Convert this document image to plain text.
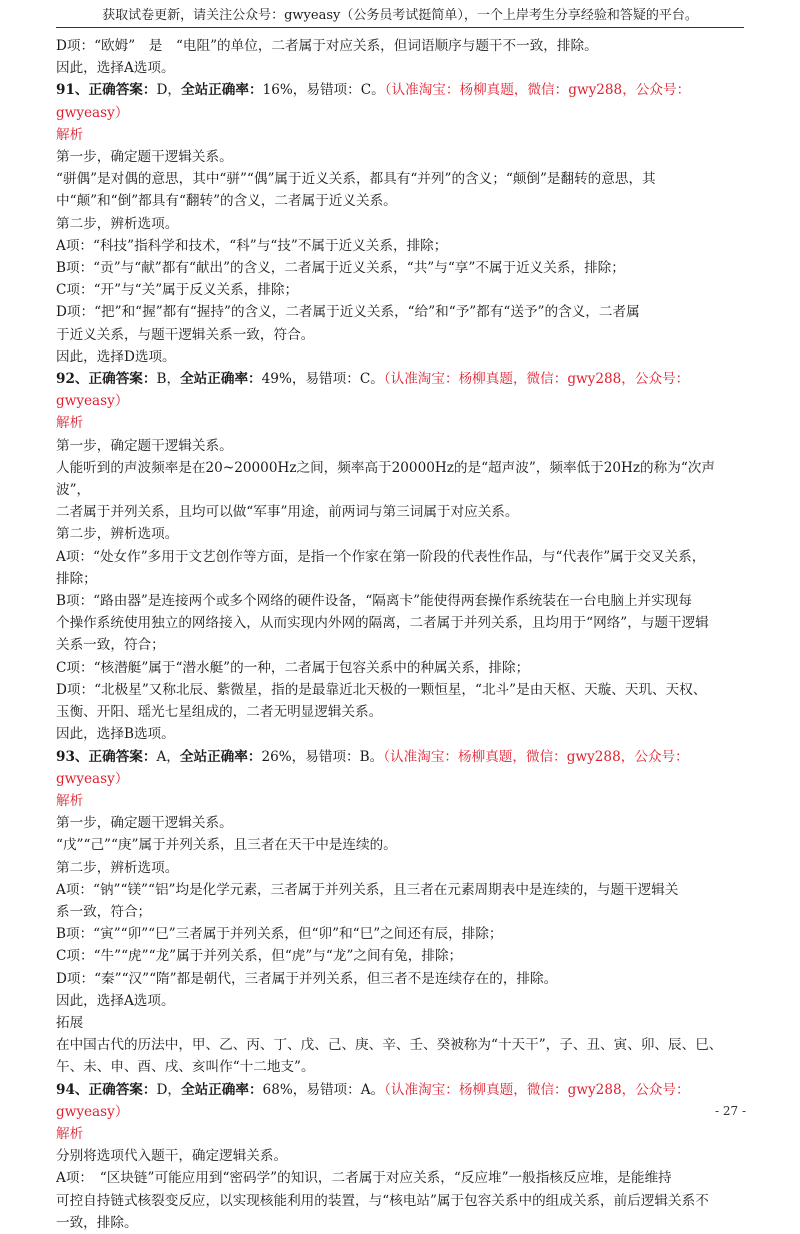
获取试卷更新，请关注公众号：gwyeasy（公务员考试挺简单），一个上岸考生分享经验和答疑的平台。

D项：“欧姆”　是　“电阻”的单位，二者属于对应关系，但词语顺序与题干不一致，排除。

因此，选择A选项。

91、正确答案：D，全站正确率：16%，易错项：C。（认准淘宝：杨柳真题，微信：gwy288，公众号：gwyeasy）

解析

第一步，确定题干逻辑关系。

“骈偶”是对偶的意思，其中“骈”“偶”属于近义关系，都具有“并列”的含义；“颠倒”是翻转的意思，其

中“颠”和“倒”都具有“翻转”的含义，二者属于近义关系。

第二步，辨析选项。

A项：“科技”指科学和技术，“科”与“技”不属于近义关系，排除；

B项：“贡”与“献”都有“献出”的含义，二者属于近义关系，“共”与“享”不属于近义关系，排除；

C项：“开”与“关”属于反义关系，排除；

D项：“把”和“握”都有“握持”的含义，二者属于近义关系，“给”和“予”都有“送予”的含义，二者属

于近义关系，与题干逻辑关系一致，符合。

因此，选择D选项。

92、正确答案：B，全站正确率：49%，易错项：C。（认准淘宝：杨柳真题，微信：gwy288，公众号：gwyeasy）

解析

第一步，确定题干逻辑关系。

人能听到的声波频率是在20~20000Hz之间，频率高于20000Hz的是“超声波”，频率低于20Hz的称为“次声波”，

二者属于并列关系，且均可以做“军事”用途，前两词与第三词属于对应关系。

第二步，辨析选项。

A项：“处女作”多用于文艺创作等方面，是指一个作家在第一阶段的代表性作品，与“代表作”属于交叉关系，

排除；

B项：“路由器”是连接两个或多个网络的硬件设备，“隔离卡”能使得两套操作系统装在一台电脑上并实现每

个操作系统使用独立的网络接入，从而实现内外网的隔离，二者属于并列关系，且均用于“网络”，与题干逻辑

关系一致，符合；

C项：“核潜艇”属于“潜水艇”的一种，二者属于包容关系中的种属关系，排除；

D项：“北极星”又称北辰、紫微星，指的是最靠近北天极的一颗恒星，“北斗”是由天枢、天璇、天玑、天权、

玉衡、开阳、瑶光七星组成的，二者无明显逻辑关系。

因此，选择B选项。

93、正确答案：A，全站正确率：26%，易错项：B。（认准淘宝：杨柳真题，微信：gwy288，公众号：gwyeasy）

解析

第一步，确定题干逻辑关系。

“戊”“己”“庚”属于并列关系，且三者在天干中是连续的。

第二步，辨析选项。

A项：“钠”“镁”“铝”均是化学元素，三者属于并列关系，且三者在元素周期表中是连续的，与题干逻辑关

系一致，符合；

B项：“寅”“卯”“巳”三者属于并列关系，但“卯”和“巳”之间还有辰，排除；

C项：“牛”“虎”“龙”属于并列关系，但“虎”与“龙”之间有兔，排除；

D项：“秦”“汉”“隋”都是朝代，三者属于并列关系，但三者不是连续存在的，排除。

因此，选择A选项。

拓展

在中国古代的历法中，甲、乙、丙、丁、戊、己、庚、辛、壬、癸被称为“十天干”，子、丑、寅、卯、辰、巳、

午、未、申、酉、戌、亥叫作“十二地支”。

94、正确答案：D，全站正确率：68%，易错项：A。（认准淘宝：杨柳真题，微信：gwy288，公众号：gwyeasy）

解析

分别将选项代入题干，确定逻辑关系。

A项：　“区块链”可能应用到“密码学”的知识，二者属于对应关系，“反应堆”一般指核反应堆，是能维持

可控自持链式核裂变反应，以实现核能利用的装置，与“核电站”属于包容关系中的组成关系，前后逻辑关系不

一致，排除。

- 27 -
